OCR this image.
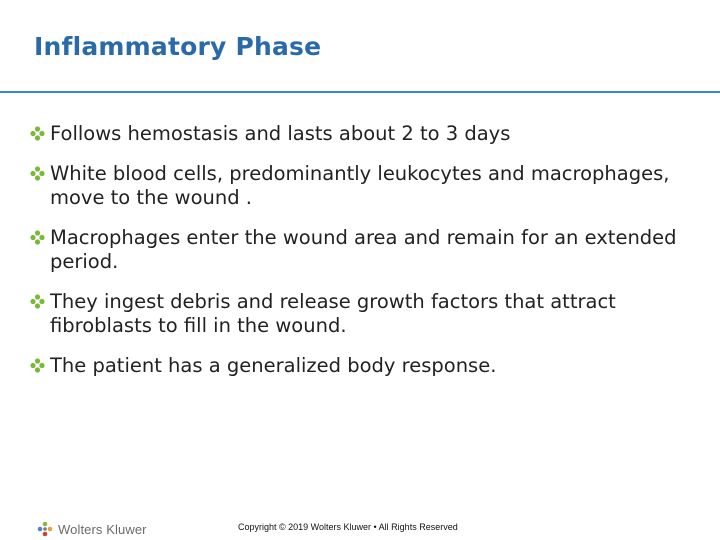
Inflammatory Phase
Follows hemostasis and lasts about 2 to 3 days
White blood cells, predominantly leukocytes and macrophages, move to the wound .
Macrophages enter the wound area and remain for an extended period.
They ingest debris and release growth factors that attract fibroblasts to fill in the wound.
The patient has a generalized body response.
Wolters Kluwer	Copyright © 2019 Wolters Kluwer • All Rights Reserved
